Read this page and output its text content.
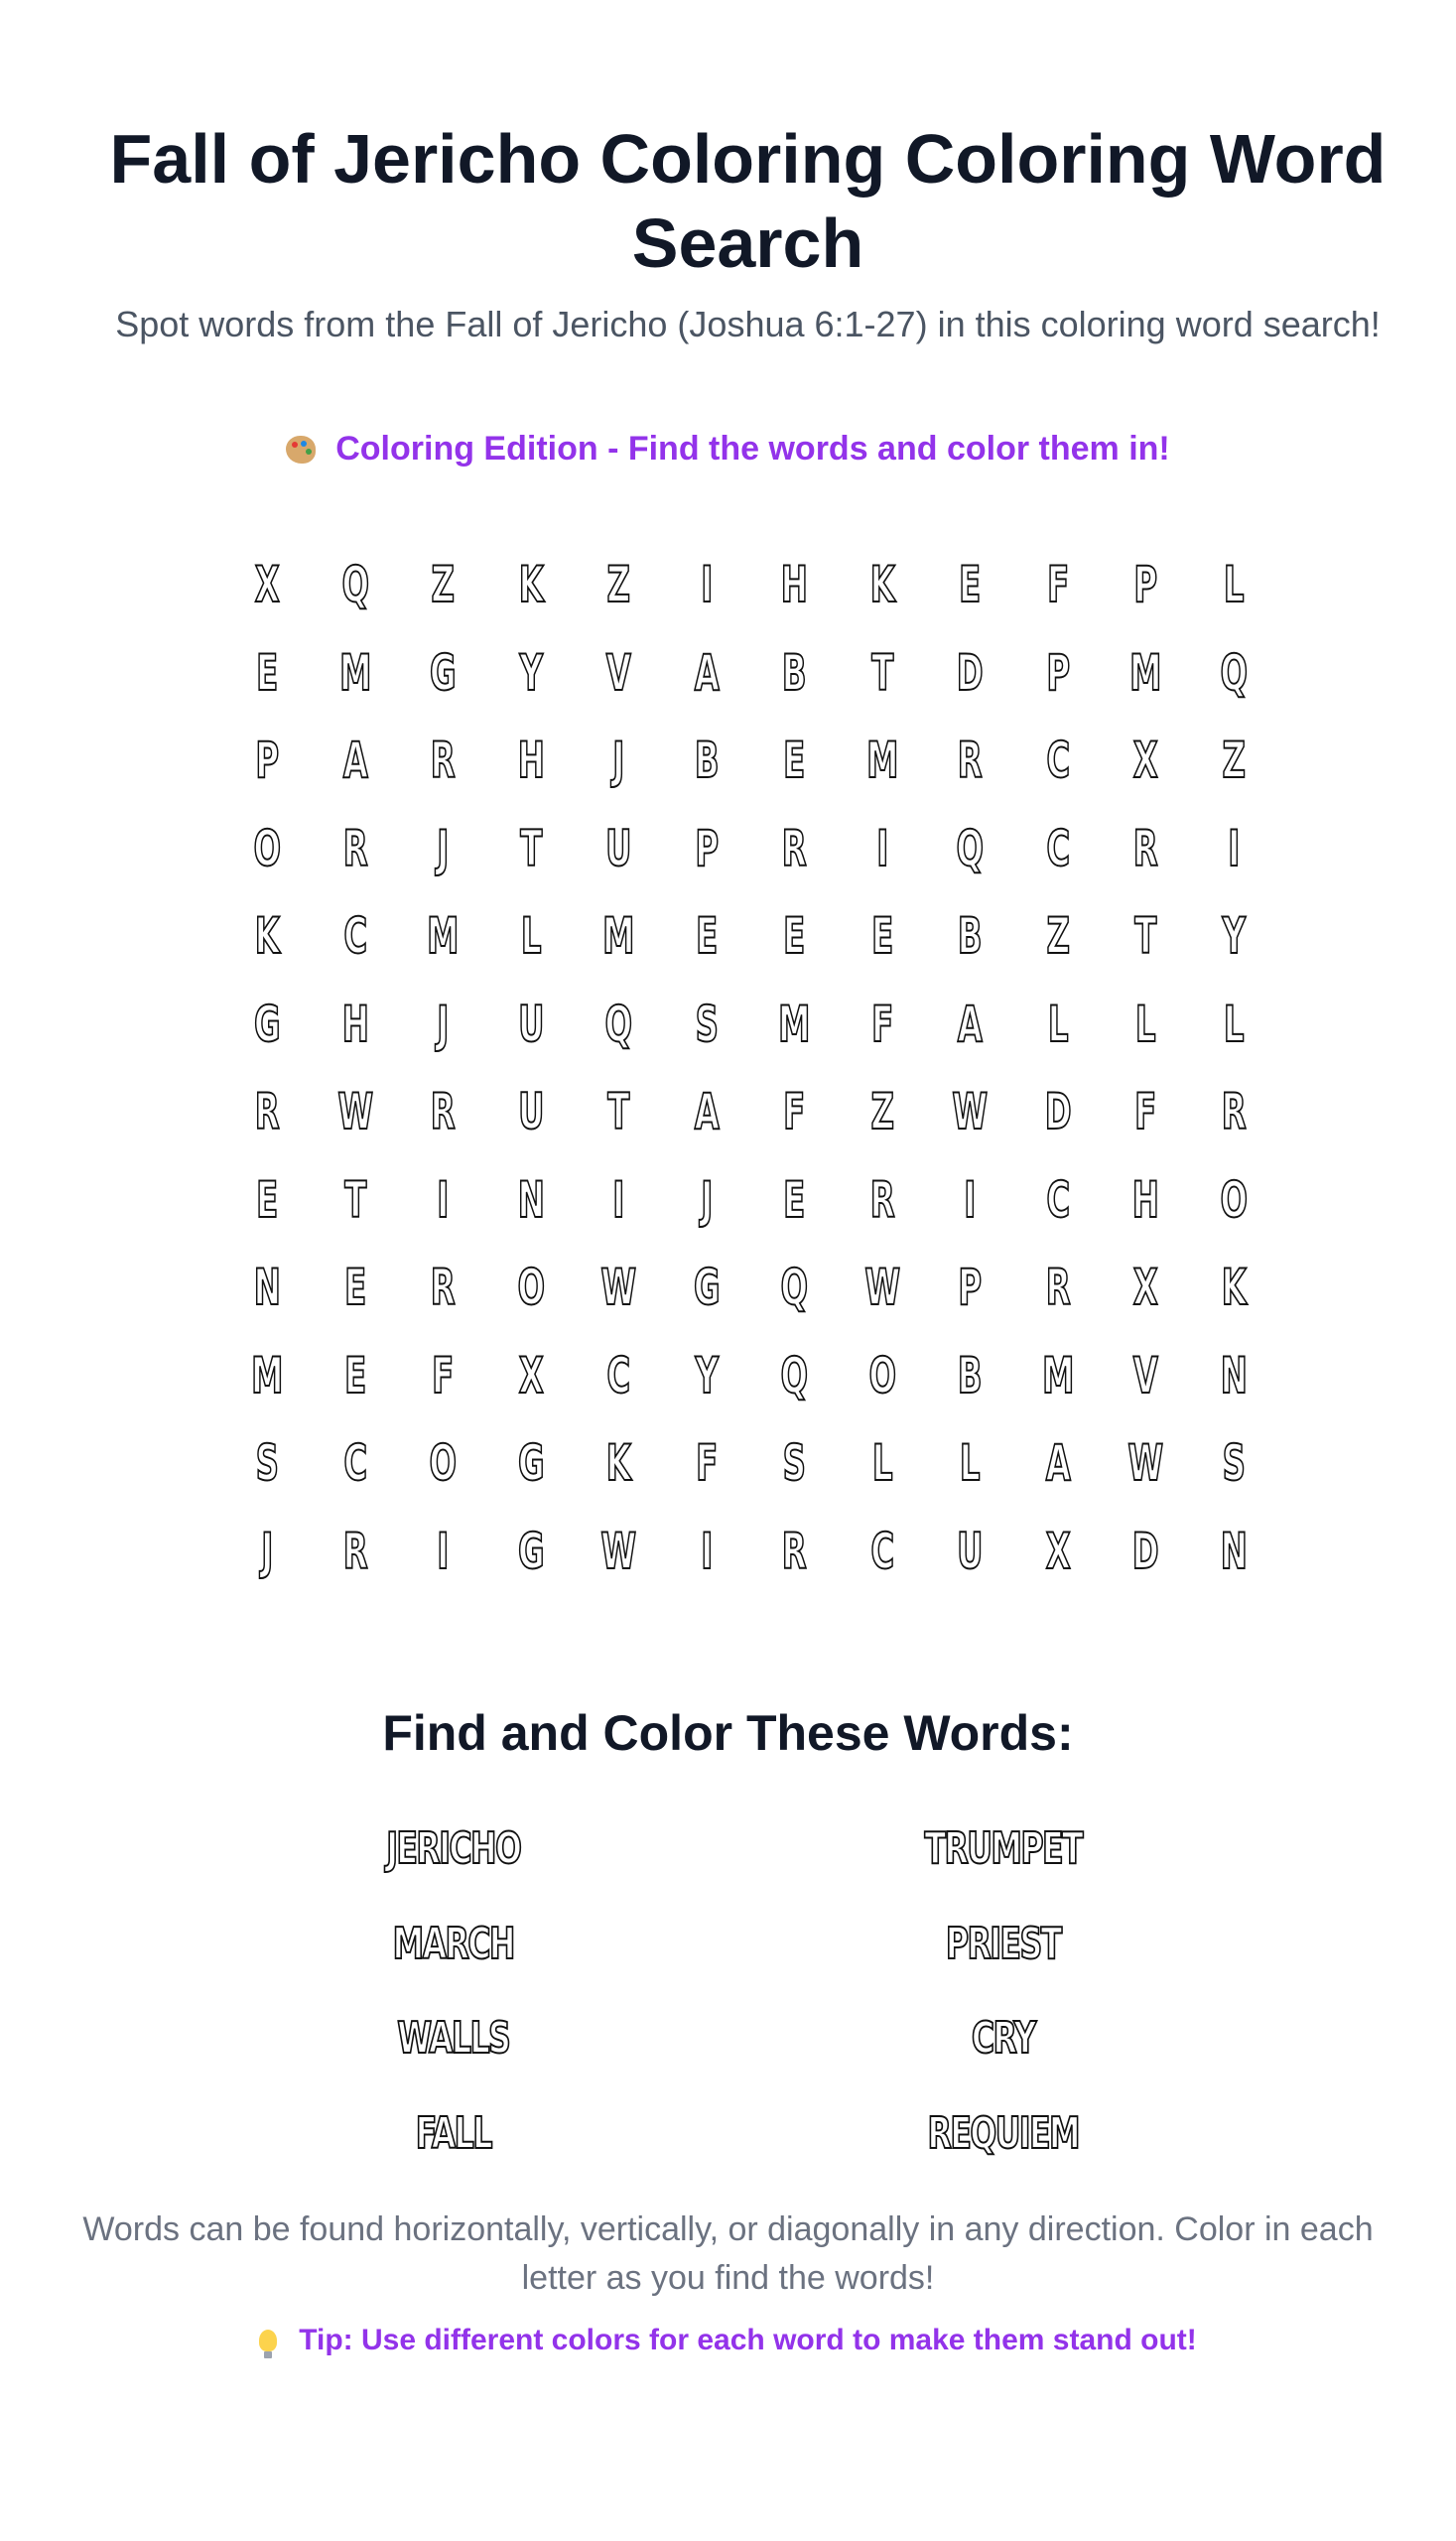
Fall of Jericho Coloring Coloring Word Search

Spot words from the Fall of Jericho (Joshua 6:1-27) in this coloring word search!

Coloring Edition - Find the words and color them in!
X	Q	Z	K	Z	I	H	K	E	F	P	L
E	M	G	Y	V	A	B	T	D	P	M	Q
P	A	R	H	J	B	E	M	R	C	X	Z
O	R	J	T	U	P	R	I	Q	C	R	I
K	C	M	L	M	E	E	E	B	Z	T	Y
G	H	J	U	Q	S	M	F	A	L	L	L
R	W	R	U	T	A	F	Z	W	D	F	R
E	T	I	N	I	J	E	R	I	C	H	O
N	E	R	O	W	G	Q	W	P	R	X	K
M	E	F	X	C	Y	Q	O	B	M	V	N
S	C	O	G	K	F	S	L	L	A	W	S
J	R	I	G	W	I	R	C	U	X	D	N
Find and Color These Words:
JERICHO	TRUMPET
MARCH	PRIEST
WALLS	CRY
FALL	REQUIEM

Words can be found horizontally, vertically, or diagonally in any direction. Color in each letter as you find the words!

Tip: Use different colors for each word to make them stand out!
